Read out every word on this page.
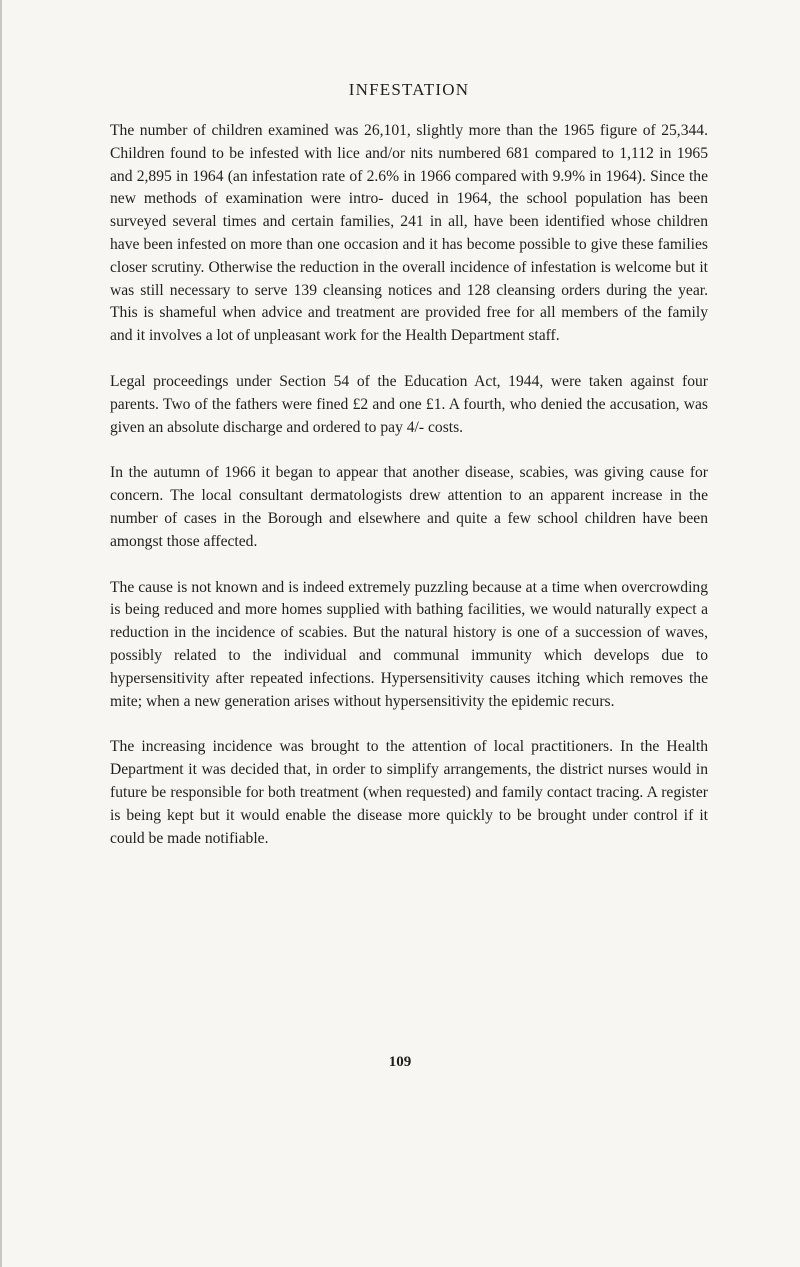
INFESTATION

The number of children examined was 26,101, slightly more than the 1965 figure of 25,344. Children found to be infested with lice and/or nits numbered 681 compared to 1,112 in 1965 and 2,895 in 1964 (an infestation rate of 2.6% in 1966 compared with 9.9% in 1964). Since the new methods of examination were intro- duced in 1964, the school population has been surveyed several times and certain families, 241 in all, have been identified whose children have been infested on more than one occasion and it has become possible to give these families closer scrutiny. Otherwise the reduction in the overall incidence of infestation is welcome but it was still necessary to serve 139 cleansing notices and 128 cleansing orders during the year. This is shameful when advice and treatment are provided free for all members of the family and it involves a lot of unpleasant work for the Health Department staff.

Legal proceedings under Section 54 of the Education Act, 1944, were taken against four parents. Two of the fathers were fined £2 and one £1. A fourth, who denied the accusation, was given an absolute discharge and ordered to pay 4/- costs.

In the autumn of 1966 it began to appear that another disease, scabies, was giving cause for concern. The local consultant dermatologists drew attention to an apparent increase in the number of cases in the Borough and elsewhere and quite a few school children have been amongst those affected.

The cause is not known and is indeed extremely puzzling because at a time when overcrowding is being reduced and more homes supplied with bathing facilities, we would naturally expect a reduction in the incidence of scabies. But the natural history is one of a succession of waves, possibly related to the individual and communal immunity which develops due to hypersensitivity after repeated infections. Hypersensitivity causes itching which removes the mite; when a new generation arises without hypersensitivity the epidemic recurs.

The increasing incidence was brought to the attention of local practitioners. In the Health Department it was decided that, in order to simplify arrangements, the district nurses would in future be responsible for both treatment (when requested) and family contact tracing. A register is being kept but it would enable the disease more quickly to be brought under control if it could be made notifiable.

109
